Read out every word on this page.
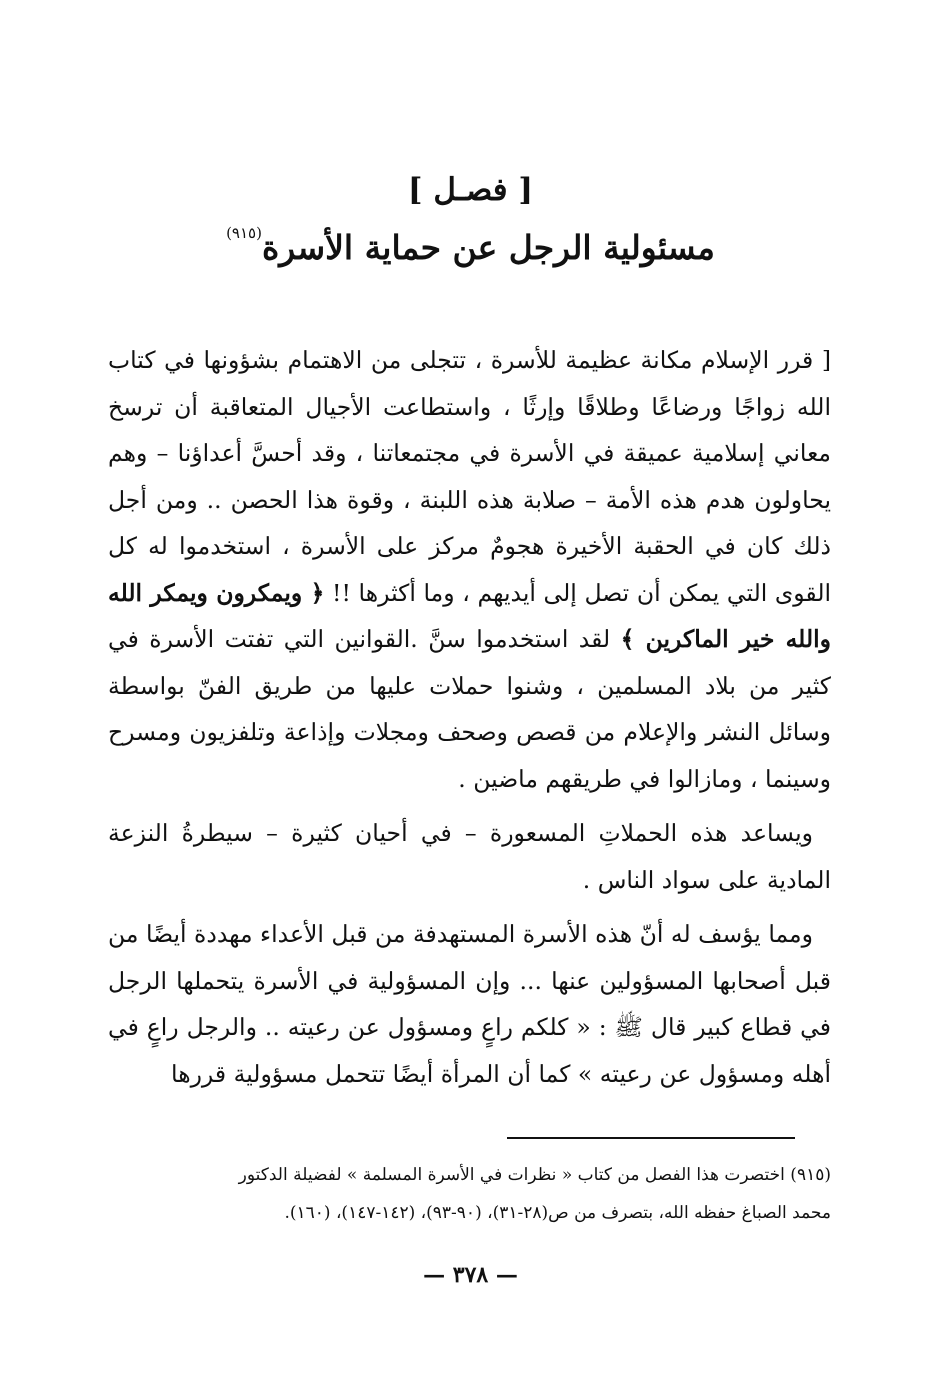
[ فصـل ]
مسئولية الرجل عن حماية الأسرة$^{(٩١٥)}$

[ قرر الإسلام مكانة عظيمة للأسرة ، تتجلى من الاهتمام بشؤونها في كتاب الله زواجًا ورضاعًا وطلاقًا وإرثًا ، واستطاعت الأجيال المتعاقبة أن ترسخ معاني إسلامية عميقة في الأسرة في مجتمعاتنا ، وقد أحسَّ أعداؤنا – وهم يحاولون هدم هذه الأمة – صلابة هذه اللبنة ، وقوة هذا الحصن .. ومن أجل ذلك كان في الحقبة الأخيرة هجومٌ مركز على الأسرة ، استخدموا له كل القوى التي يمكن أن تصل إلى أيديهم ، وما أكثرها !! ﴿ ويمكرون ويمكر الله والله خير الماكرين ﴾ لقد استخدموا سنَّ .القوانين التي تفتت الأسرة في كثير من بلاد المسلمين ، وشنوا حملات عليها من طريق الفنّ بواسطة وسائل النشر والإعلام من قصص وصحف ومجلات وإذاعة وتلفزيون ومسرح وسينما ، ومازالوا في طريقهم ماضين .

ويساعد هذه الحملاتِ المسعورة – في أحيان كثيرة – سيطرةُ النزعة المادية على سواد الناس .

ومما يؤسف له أنّ هذه الأسرة المستهدفة من قبل الأعداء مهددة أيضًا من قبل أصحابها المسؤولين عنها ... وإن المسؤولية في الأسرة يتحملها الرجل في قطاع كبير قال ﷺ : « كلكم راعٍ ومسؤول عن رعيته .. والرجل راعٍ في أهله ومسؤول عن رعيته » كما أن المرأة أيضًا تتحمل مسؤولية قررها

(٩١٥) اختصرت هذا الفصل من كتاب « نظرات في الأسرة المسلمة » لفضيلة الدكتور

محمد الصباغ حفظه الله، بتصرف من ص(٢٨-٣١)، (٩٠-٩٣)، (١٤٢-١٤٧)، (١٦٠).

— ٣٧٨ —
